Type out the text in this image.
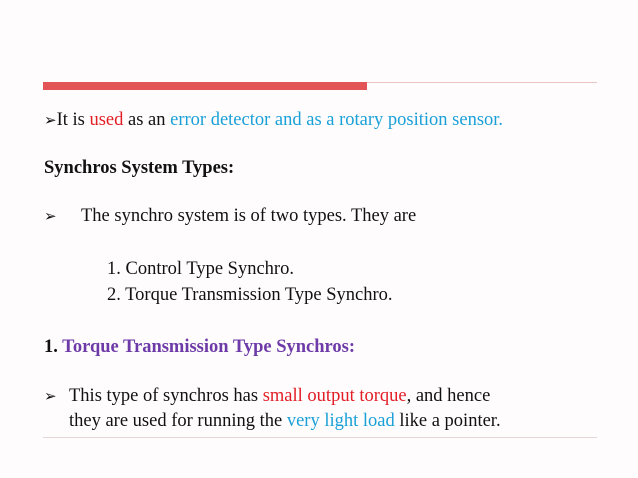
➢It is used as an error detector and as a rotary position sensor.
Synchros System Types:
➢ The synchro system is of two types. They are
1. Control Type Synchro.
2. Torque Transmission Type Synchro.
1. Torque Transmission Type Synchros:
➢ This type of synchros has small output torque, and hence
they are used for running the very light load like a pointer.
